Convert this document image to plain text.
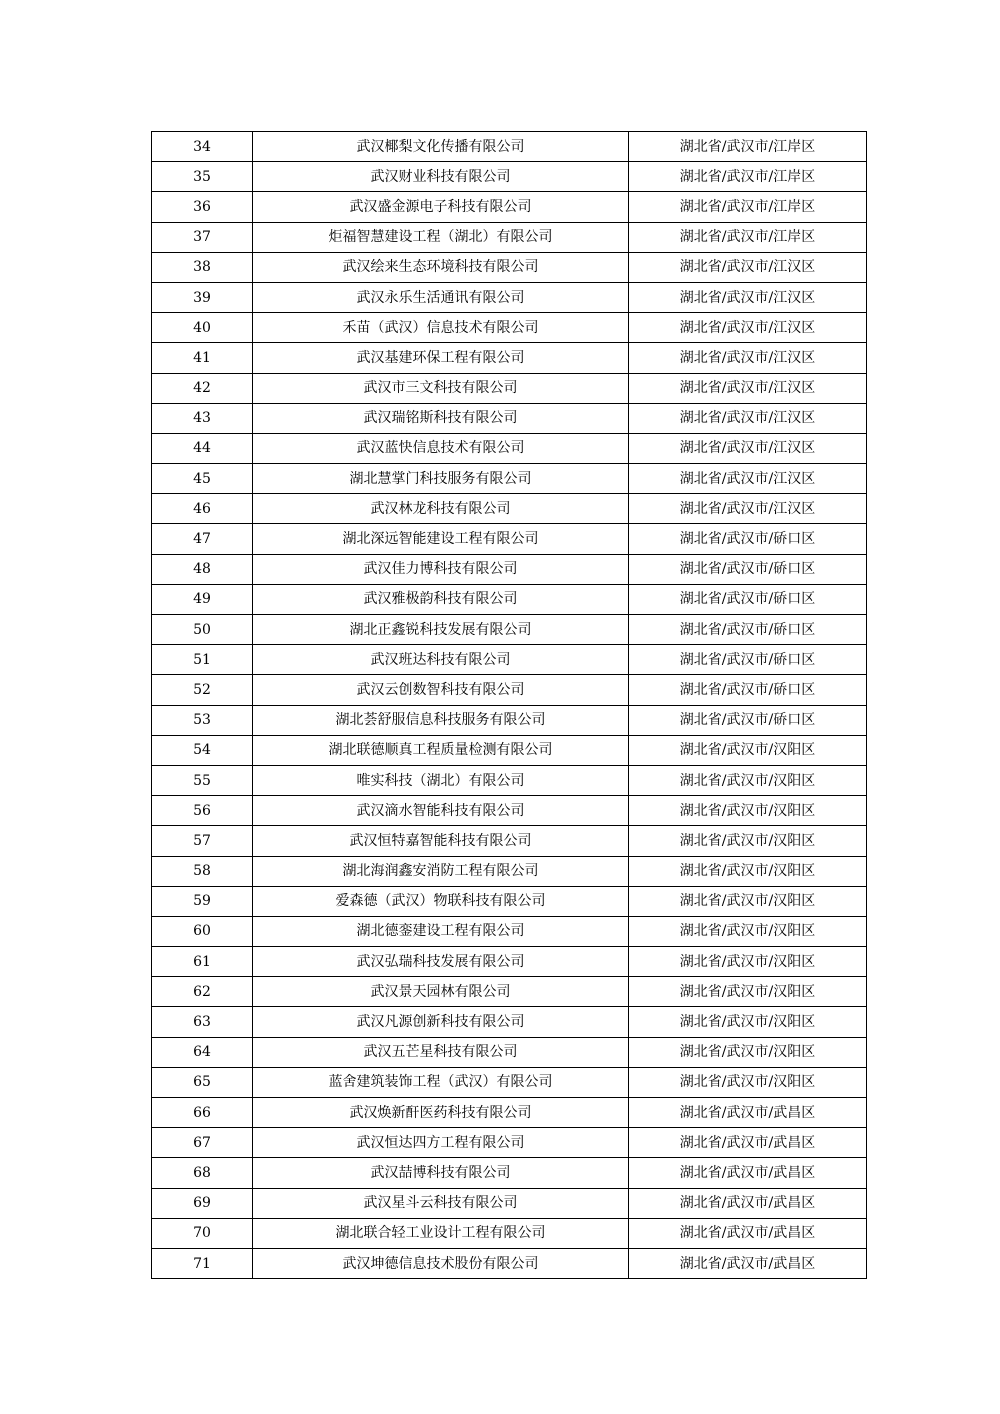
34	武汉椰梨文化传播有限公司	湖北省/武汉市/江岸区
35	武汉财业科技有限公司	湖北省/武汉市/江岸区
36	武汉盛金源电子科技有限公司	湖北省/武汉市/江岸区
37	炬福智慧建设工程（湖北）有限公司	湖北省/武汉市/江岸区
38	武汉绘来生态环境科技有限公司	湖北省/武汉市/江汉区
39	武汉永乐生活通讯有限公司	湖北省/武汉市/江汉区
40	禾苗（武汉）信息技术有限公司	湖北省/武汉市/江汉区
41	武汉基建环保工程有限公司	湖北省/武汉市/江汉区
42	武汉市三文科技有限公司	湖北省/武汉市/江汉区
43	武汉瑞铭斯科技有限公司	湖北省/武汉市/江汉区
44	武汉蓝快信息技术有限公司	湖北省/武汉市/江汉区
45	湖北慧掌门科技服务有限公司	湖北省/武汉市/江汉区
46	武汉林龙科技有限公司	湖北省/武汉市/江汉区
47	湖北深远智能建设工程有限公司	湖北省/武汉市/硚口区
48	武汉佳力博科技有限公司	湖北省/武汉市/硚口区
49	武汉雅极韵科技有限公司	湖北省/武汉市/硚口区
50	湖北正鑫锐科技发展有限公司	湖北省/武汉市/硚口区
51	武汉班达科技有限公司	湖北省/武汉市/硚口区
52	武汉云创数智科技有限公司	湖北省/武汉市/硚口区
53	湖北荟舒服信息科技服务有限公司	湖北省/武汉市/硚口区
54	湖北联德顺真工程质量检测有限公司	湖北省/武汉市/汉阳区
55	唯实科技（湖北）有限公司	湖北省/武汉市/汉阳区
56	武汉滴水智能科技有限公司	湖北省/武汉市/汉阳区
57	武汉恒特嘉智能科技有限公司	湖北省/武汉市/汉阳区
58	湖北海润鑫安消防工程有限公司	湖北省/武汉市/汉阳区
59	爱森德（武汉）物联科技有限公司	湖北省/武汉市/汉阳区
60	湖北德銮建设工程有限公司	湖北省/武汉市/汉阳区
61	武汉弘瑞科技发展有限公司	湖北省/武汉市/汉阳区
62	武汉景天园林有限公司	湖北省/武汉市/汉阳区
63	武汉凡源创新科技有限公司	湖北省/武汉市/汉阳区
64	武汉五芒星科技有限公司	湖北省/武汉市/汉阳区
65	蓝舍建筑装饰工程（武汉）有限公司	湖北省/武汉市/汉阳区
66	武汉焕新酐医药科技有限公司	湖北省/武汉市/武昌区
67	武汉恒达四方工程有限公司	湖北省/武汉市/武昌区
68	武汉喆博科技有限公司	湖北省/武汉市/武昌区
69	武汉星斗云科技有限公司	湖北省/武汉市/武昌区
70	湖北联合轻工业设计工程有限公司	湖北省/武汉市/武昌区
71	武汉坤德信息技术股份有限公司	湖北省/武汉市/武昌区
